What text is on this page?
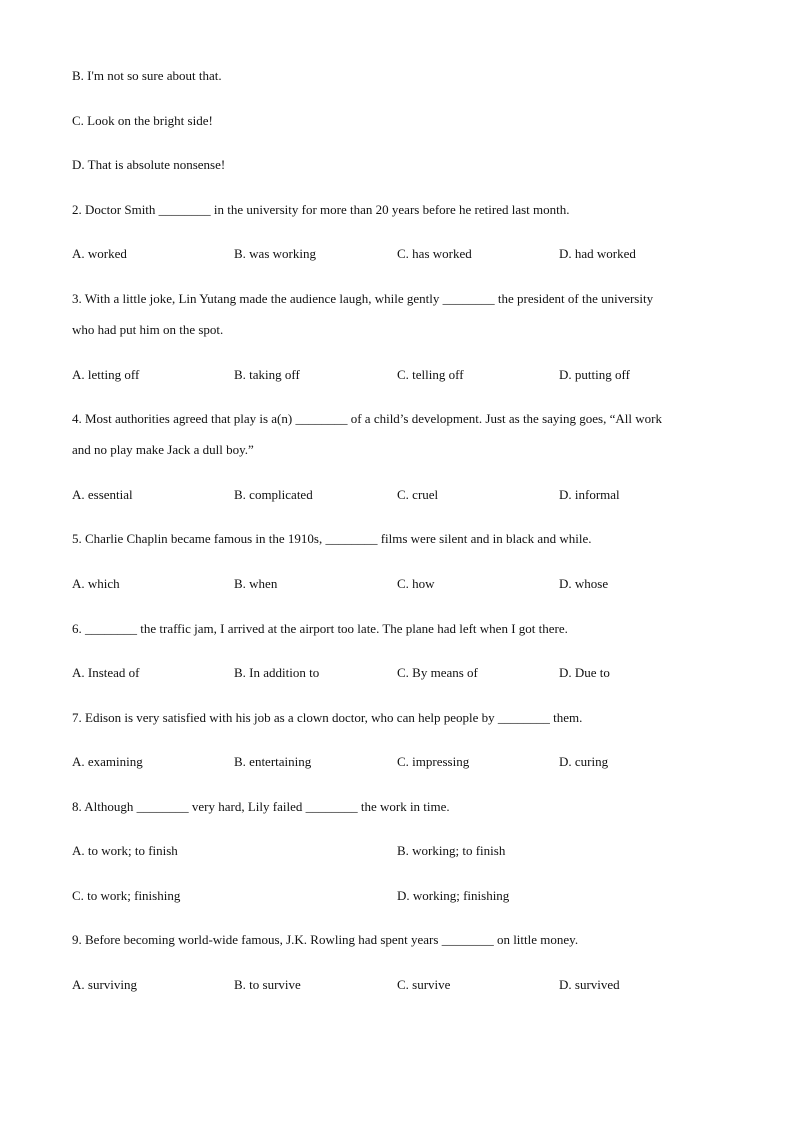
B. I'm not so sure about that.
C. Look on the bright side!
D. That is absolute nonsense!
2. Doctor Smith ________ in the university for more than 20 years before he retired last month.
A. worked	B. was working	C. has worked	D. had worked
3. With a little joke, Lin Yutang made the audience laugh, while gently ________ the president of the university
who had put him on the spot.
A. letting off	B. taking off	C. telling off	D. putting off
4. Most authorities agreed that play is a(n) ________ of a child’s development. Just as the saying goes, “All work
and no play make Jack a dull boy.”
A. essential	B. complicated	C. cruel	D. informal
5. Charlie Chaplin became famous in the 1910s, ________ films were silent and in black and while.
A. which	B. when	C. how	D. whose
6. ________ the traffic jam, I arrived at the airport too late. The plane had left when I got there.
A. Instead of	B. In addition to	C. By means of	D. Due to
7. Edison is very satisfied with his job as a clown doctor, who can help people by ________ them.
A. examining	B. entertaining	C. impressing	D. curing
8. Although ________ very hard, Lily failed ________ the work in time.
A. to work; to finish	B. working; to finish
C. to work; finishing	D. working; finishing
9. Before becoming world-wide famous, J.K. Rowling had spent years ________ on little money.
A. surviving	B. to survive	C. survive	D. survived
